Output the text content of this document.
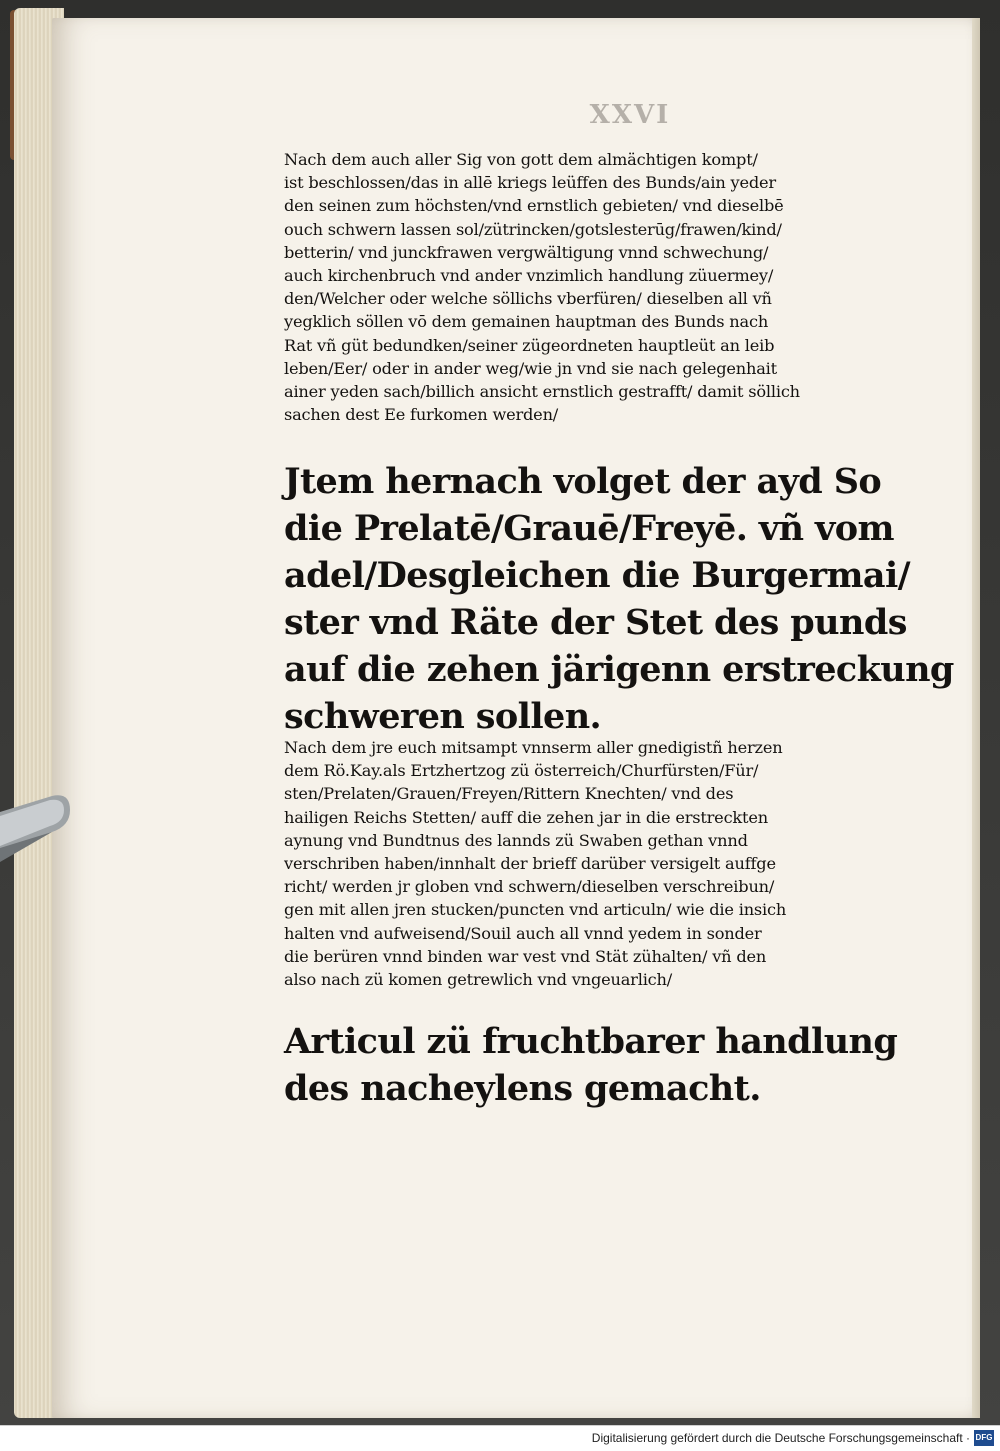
XXVI

Nach dem auch aller Sig von gott dem almächtigen kompt/
ist beschlossen/das in allē kriegs leüffen des Bunds/ain yeder
den seinen zum höchsten/vnd ernstlich gebieten/ vnd dieselbē
ouch schwern lassen sol/zütrincken/gotslesterūg/frawen/kind/
betterin/ vnd junckfrawen vergwältigung vnnd schwechung/
auch kirchenbruch vnd ander vnzimlich handlung züuermey/
den/Welcher oder welche söllichs vberfüren/ dieselben all vñ
yegklich söllen vō dem gemainen hauptman des Bunds nach
Rat vñ güt bedundken/seiner zügeordneten hauptleüt an leib
leben/Eer/ oder in ander weg/wie jn vnd sie nach gelegenhait
ainer yeden sach/billich ansicht ernstlich gestrafft/ damit söllich
sachen dest Ee furkomen werden/
Jtem hernach volget der ayd So
die Prelatē/Grauē/Freyē. vñ vom
adel/Desgleichen die Burgermai/
ster vnd Räte der Stet des punds
auf die zehen järigenn erstreckung
schweren sollen.
Nach dem jre euch mitsampt vnnserm aller gnedigistñ herzen
dem Rö.Kay.als Ertzhertzog zü österreich/Churfürsten/Für/
sten/Prelaten/Grauen/Freyen/Rittern Knechten/ vnd des
hailigen Reichs Stetten/ auff die zehen jar in die erstreckten
aynung vnd Bundtnus des lannds zü Swaben gethan vnnd
verschriben haben/innhalt der brieff darüber versigelt auffge
richt/ werden jr globen vnd schwern/dieselben verschreibun/
gen mit allen jren stucken/puncten vnd articuln/ wie die insich
halten vnd aufweisend/Souil auch all vnnd yedem in sonder
die berüren vnnd binden war vest vnd Stät zühalten/ vñ den
also nach zü komen getrewlich vnd vngeuarlich/
Articul zü fruchtbarer handlung
des nacheylens gemacht.
Digitalisierung gefördert durch die Deutsche Forschungsgemeinschaft · DFG
